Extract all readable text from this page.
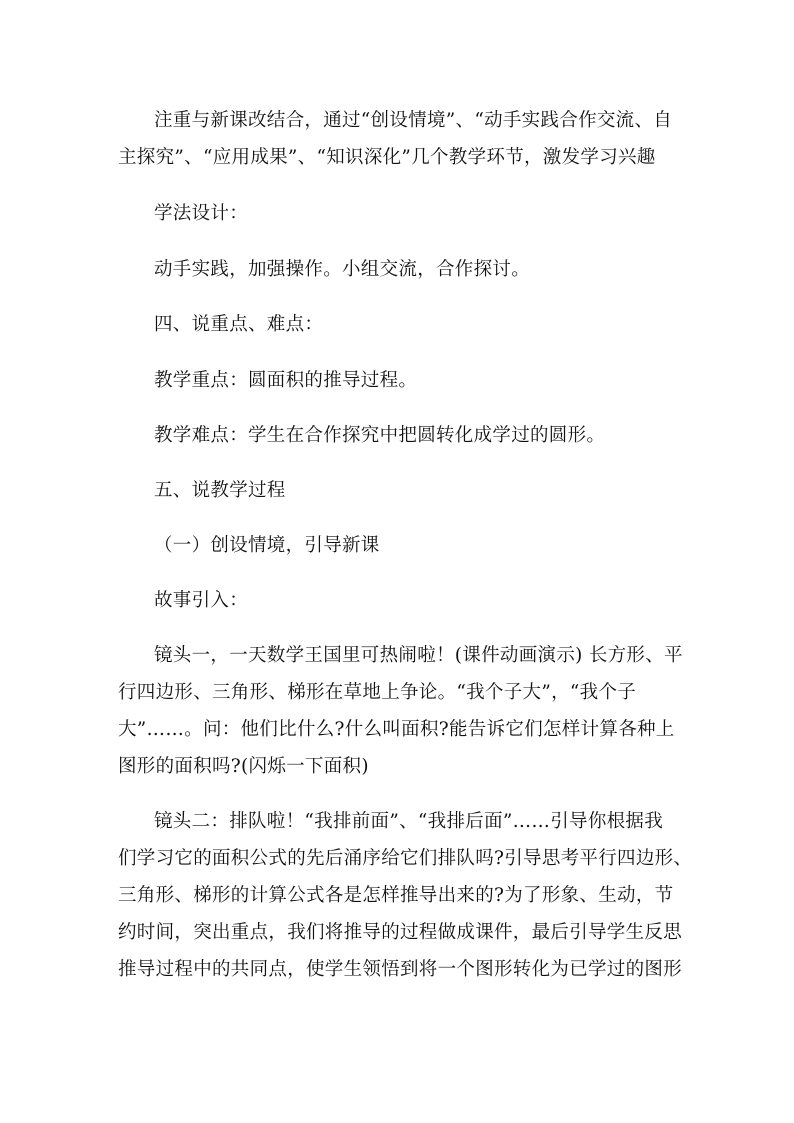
注重与新课改结合，通过“创设情境”、“动手实践合作交流、自
主探究”、“应用成果”、“知识深化”几个教学环节，激发学习兴趣
学法设计：
动手实践，加强操作。小组交流，合作探讨。
四、说重点、难点：
教学重点：圆面积的推导过程。
教学难点：学生在合作探究中把圆转化成学过的圆形。
五、说教学过程
（一）创设情境，引导新课
故事引入：
镜头一，一天数学王国里可热闹啦！(课件动画演示) 长方形、平
行四边形、三角形、梯形在草地上争论。“我个子大”，“我个子
大”……。问：他们比什么?什么叫面积?能告诉它们怎样计算各种上
图形的面积吗?(闪烁一下面积)
镜头二：排队啦！“我排前面”、“我排后面”……引导你根据我
们学习它的面积公式的先后涌序给它们排队吗?引导思考平行四边形、
三角形、梯形的计算公式各是怎样推导出来的?为了形象、生动，节
约时间，突出重点，我们将推导的过程做成课件，最后引导学生反思
推导过程中的共同点，使学生领悟到将一个图形转化为已学过的图形
